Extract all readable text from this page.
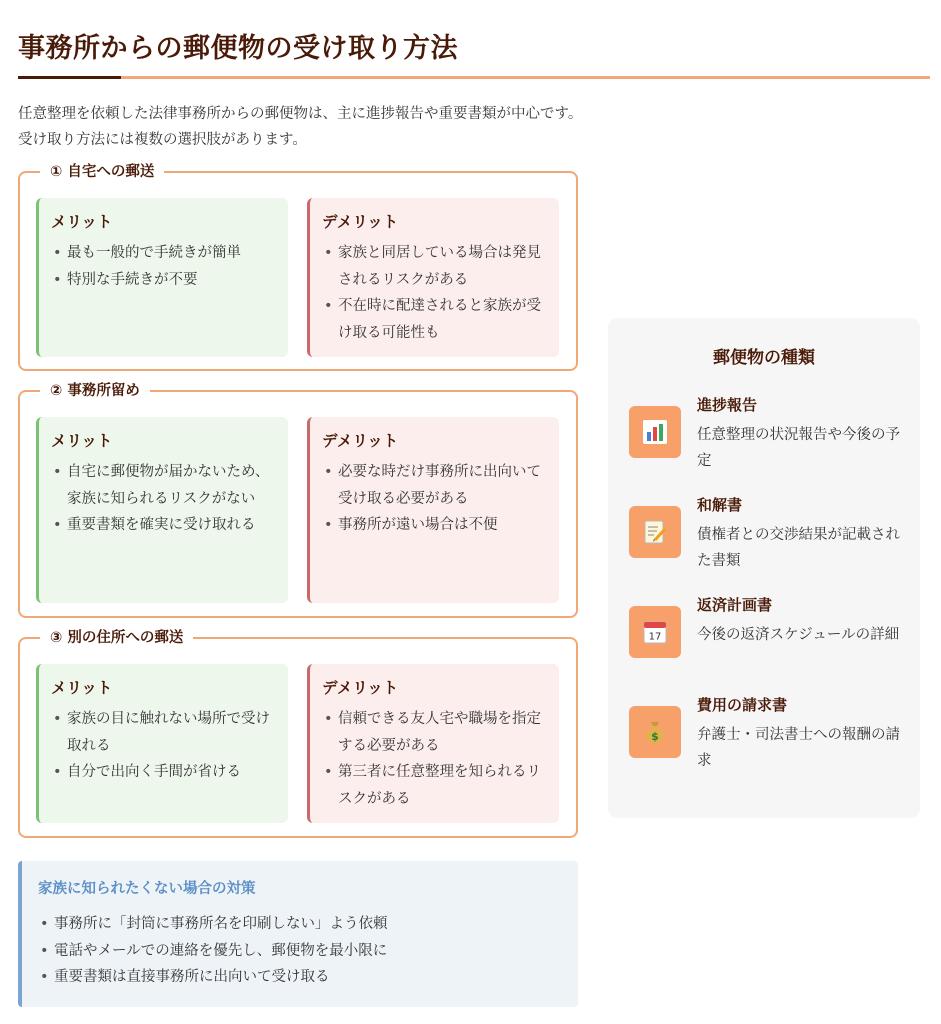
事務所からの郵便物の受け取り方法

任意整理を依頼した法律事務所からの郵便物は、主に進捗報告や重要書類が中心です。受け取り方法には複数の選択肢があります。

① 自宅への郵送
メリット
• 最も一般的で手続きが簡単
• 特別な手続きが不要
デメリット
• 家族と同居している場合は発見されるリスクがある
• 不在時に配達されると家族が受け取る可能性も
② 事務所留め
メリット
• 自宅に郵便物が届かないため、家族に知られるリスクがない
• 重要書類を確実に受け取れる
デメリット
• 必要な時だけ事務所に出向いて受け取る必要がある
• 事務所が遠い場合は不便
③ 別の住所への郵送
メリット
• 家族の目に触れない場所で受け取れる
• 自分で出向く手間が省ける
デメリット
• 信頼できる友人宅や職場を指定する必要がある
• 第三者に任意整理を知られるリスクがある
家族に知られたくない場合の対策
• 事務所に「封筒に事務所名を印刷しない」よう依頼
• 電話やメールでの連絡を優先し、郵便物を最小限に
• 重要書類は直接事務所に出向いて受け取る
郵便物の種類
進捗報告
任意整理の状況報告や今後の予定
和解書
債権者との交渉結果が記載された書類
17
返済計画書
今後の返済スケジュールの詳細
$
費用の請求書
弁護士・司法書士への報酬の請求
